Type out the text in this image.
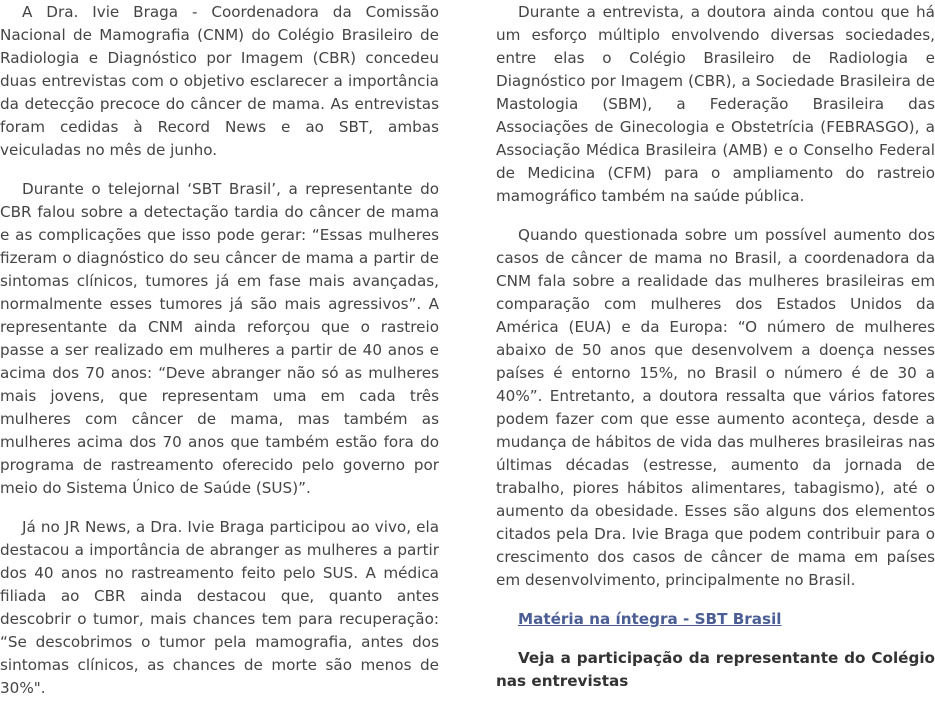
A Dra. Ivie Braga - Coordenadora da Comissão Nacional de Mamografia (CNM) do Colégio Brasileiro de Radiologia e Diagnóstico por Imagem (CBR) concedeu duas entrevistas com o objetivo esclarecer a importância da detecção precoce do câncer de mama. As entrevistas foram cedidas à Record News e ao SBT, ambas veiculadas no mês de junho.

Durante o telejornal ‘SBT Brasil’, a representante do CBR falou sobre a detectação tardia do câncer de mama e as complicações que isso pode gerar: “Essas mulheres fizeram o diagnóstico do seu câncer de mama a partir de sintomas clínicos, tumores já em fase mais avançadas, normalmente esses tumores já são mais agressivos”. A representante da CNM ainda reforçou que o rastreio passe a ser realizado em mulheres a partir de 40 anos e acima dos 70 anos: “Deve abranger não só as mulheres mais jovens, que representam uma em cada três mulheres com câncer de mama, mas também as mulheres acima dos 70 anos que também estão fora do programa de rastreamento oferecido pelo governo por meio do Sistema Único de Saúde (SUS)”.

Já no JR News, a Dra. Ivie Braga participou ao vivo, ela destacou a importância de abranger as mulheres a partir dos 40 anos no rastreamento feito pelo SUS. A médica filiada ao CBR ainda destacou que, quanto antes descobrir o tumor, mais chances tem para recuperação: “Se descobrimos o tumor pela mamografia, antes dos sintomas clínicos, as chances de morte são menos de 30%".

Durante a entrevista, a doutora ainda contou que há um esforço múltiplo envolvendo diversas sociedades, entre elas o Colégio Brasileiro de Radiologia e Diagnóstico por Imagem (CBR), a Sociedade Brasileira de Mastologia (SBM), a Federação Brasileira das Associações de Ginecologia e Obstetrícia (FEBRASGO), a Associação Médica Brasileira (AMB) e o Conselho Federal de Medicina (CFM) para o ampliamento do rastreio mamográfico também na saúde pública.

Quando questionada sobre um possível aumento dos casos de câncer de mama no Brasil, a coordenadora da CNM fala sobre a realidade das mulheres brasileiras em comparação com mulheres dos Estados Unidos da América (EUA) e da Europa: “O número de mulheres abaixo de 50 anos que desenvolvem a doença nesses países é entorno 15%, no Brasil o número é de 30 a 40%”. Entretanto, a doutora ressalta que vários fatores podem fazer com que esse aumento aconteça, desde a mudança de hábitos de vida das mulheres brasileiras nas últimas décadas (estresse, aumento da jornada de trabalho, piores hábitos alimentares, tabagismo), até o aumento da obesidade. Esses são alguns dos elementos citados pela Dra. Ivie Braga que podem contribuir para o crescimento dos casos de câncer de mama em países em desenvolvimento, principalmente no Brasil.

Matéria na íntegra - SBT Brasil

Veja a participação da representante do Colégio nas entrevistas
